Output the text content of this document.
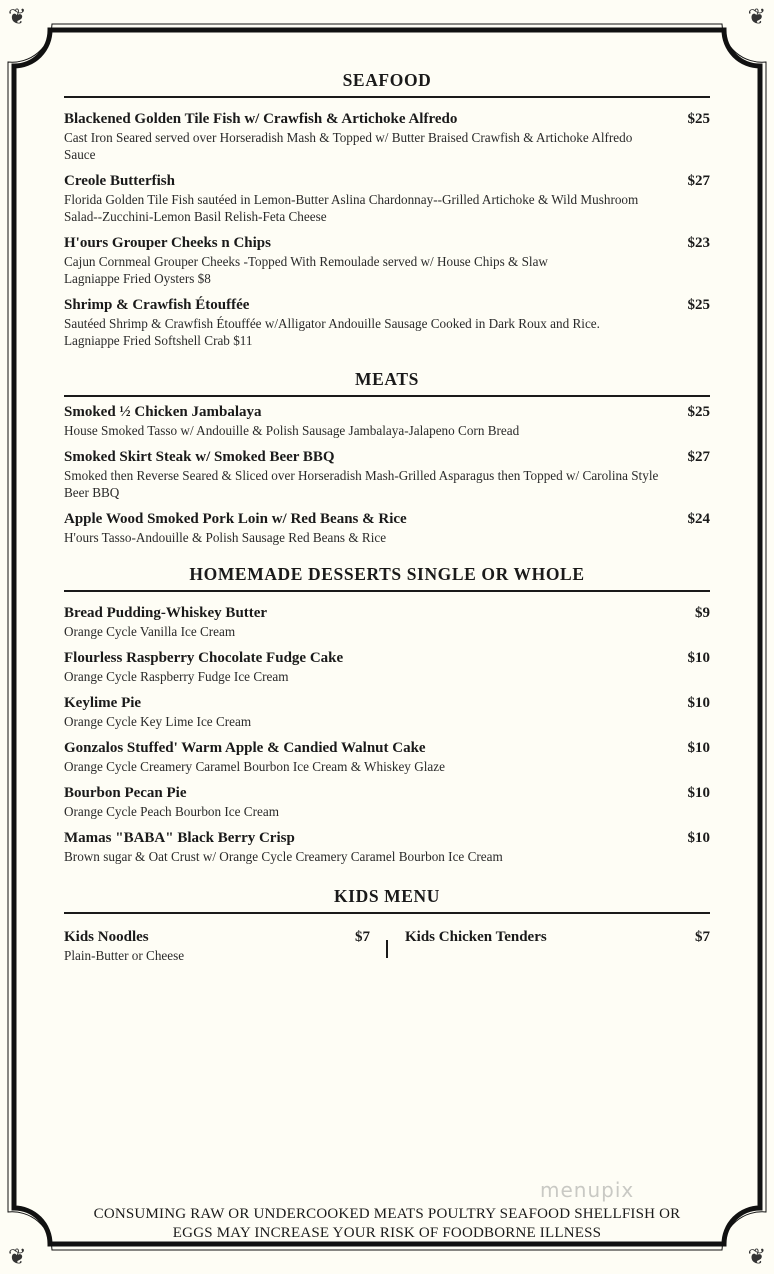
❦	❦
❦	❦
SEAFOOD
Blackened Golden Tile Fish w/ Crawfish & Artichoke Alfredo	$25
Cast Iron Seared served over Horseradish Mash & Topped w/ Butter Braised Crawfish & Artichoke Alfredo Sauce
Creole Butterfish	$27
Florida Golden Tile Fish sautéed in Lemon-Butter Aslina Chardonnay--Grilled Artichoke & Wild Mushroom Salad--Zucchini-Lemon Basil Relish-Feta Cheese
H'ours Grouper Cheeks n Chips	$23
Cajun Cornmeal Grouper Cheeks -Topped With Remoulade served w/ House Chips & Slaw
Lagniappe Fried Oysters $8
Shrimp & Crawfish Étouffée	$25
Sautéed Shrimp & Crawfish Étouffée w/Alligator Andouille Sausage Cooked in Dark Roux and Rice.
Lagniappe Fried Softshell Crab $11
MEATS
Smoked ½ Chicken Jambalaya	$25
House Smoked Tasso w/ Andouille & Polish Sausage Jambalaya-Jalapeno Corn Bread
Smoked Skirt Steak w/ Smoked Beer BBQ	$27
Smoked then Reverse Seared & Sliced over Horseradish Mash-Grilled Asparagus then Topped w/ Carolina Style Beer BBQ
Apple Wood Smoked Pork Loin w/ Red Beans & Rice	$24
H'ours Tasso-Andouille & Polish Sausage Red Beans & Rice
HOMEMADE DESSERTS SINGLE OR WHOLE
Bread Pudding-Whiskey Butter	$9
Orange Cycle Vanilla Ice Cream
Flourless Raspberry Chocolate Fudge Cake	$10
Orange Cycle Raspberry Fudge Ice Cream
Keylime Pie	$10
Orange Cycle Key Lime Ice Cream
Gonzalos Stuffed' Warm Apple & Candied Walnut Cake	$10
Orange Cycle Creamery Caramel Bourbon Ice Cream & Whiskey Glaze
Bourbon Pecan Pie	$10
Orange Cycle Peach Bourbon Ice Cream
Mamas "BABA" Black Berry Crisp	$10
Brown sugar & Oat Crust w/ Orange Cycle Creamery Caramel Bourbon Ice Cream
KIDS MENU
Kids Noodles	$7
Plain-Butter or Cheese
Kids Chicken Tenders	$7
menupix
CONSUMING RAW OR UNDERCOOKED MEATS POULTRY SEAFOOD SHELLFISH OR
EGGS MAY INCREASE YOUR RISK OF FOODBORNE ILLNESS
